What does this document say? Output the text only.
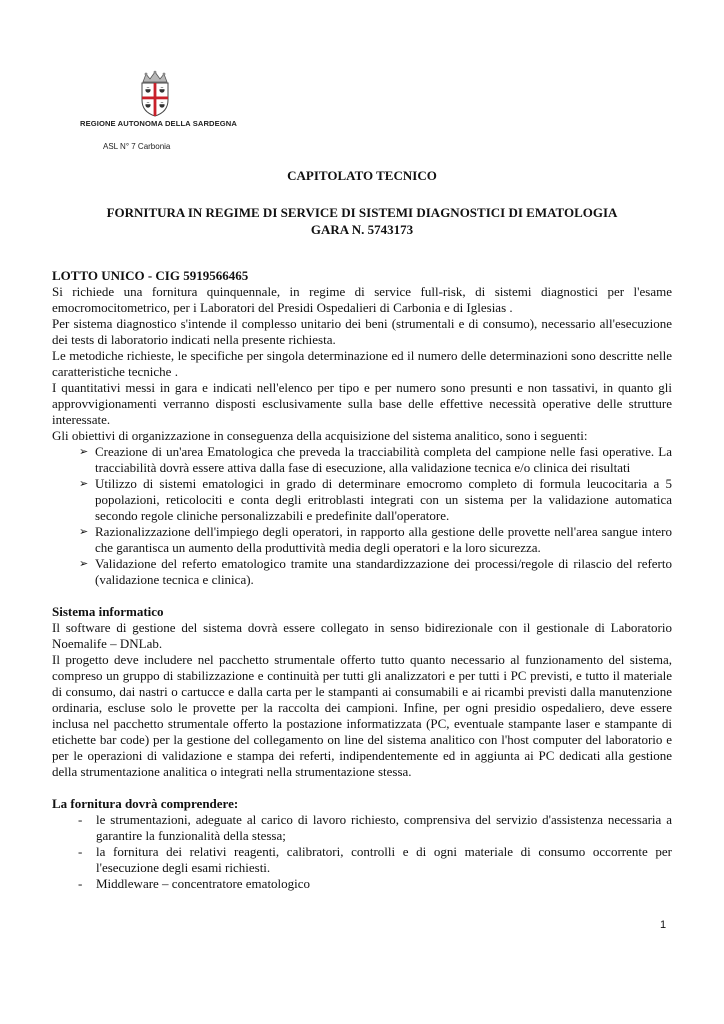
REGIONE AUTONOMA DELLA SARDEGNA
ASL N° 7 Carbonia
CAPITOLATO TECNICO
FORNITURA IN REGIME DI SERVICE DI SISTEMI DIAGNOSTICI DI EMATOLOGIA
GARA N. 5743173

LOTTO UNICO - CIG 5919566465

Si richiede una fornitura quinquennale, in regime di service full-risk, di sistemi diagnostici per l'esame emocromocitometrico, per i Laboratori del Presidi Ospedalieri di Carbonia e di Iglesias .

Per sistema diagnostico s'intende il complesso unitario dei beni (strumentali e di consumo), necessario all'esecuzione dei tests di laboratorio indicati nella presente richiesta.

Le metodiche richieste, le specifiche per singola determinazione ed il numero delle determinazioni sono descritte nelle caratteristiche tecniche .

I quantitativi messi in gara e indicati nell'elenco per tipo e per numero sono presunti e non tassativi, in quanto gli approvvigionamenti verranno disposti esclusivamente sulla base delle effettive necessità operative delle strutture interessate.

Gli obiettivi di organizzazione in conseguenza della acquisizione del sistema analitico, sono i seguenti:

➢ Creazione di un'area Ematologica che preveda la tracciabilità completa del campione nelle fasi operative. La tracciabilità dovrà essere attiva dalla fase di esecuzione, alla validazione tecnica e/o clinica dei risultati
➢ Utilizzo di sistemi ematologici in grado di determinare emocromo completo di formula leucocitaria a 5 popolazioni, reticolociti e conta degli eritroblasti integrati con un sistema per la validazione automatica secondo regole cliniche personalizzabili e predefinite dall'operatore.
➢ Razionalizzazione dell'impiego degli operatori, in rapporto alla gestione delle provette nell'area sangue intero che garantisca un aumento della produttività media degli operatori e la loro sicurezza.
➢ Validazione del referto ematologico tramite una standardizzazione dei processi/regole di rilascio del referto (validazione tecnica e clinica).

Sistema informatico

Il software di gestione del sistema dovrà essere collegato in senso bidirezionale con il gestionale di Laboratorio Noemalife – DNLab.

Il progetto deve includere nel pacchetto strumentale offerto tutto quanto necessario al funzionamento del sistema, compreso un gruppo di stabilizzazione e continuità per tutti gli analizzatori e per tutti i PC previsti, e tutto il materiale di consumo, dai nastri o cartucce e dalla carta per le stampanti ai consumabili e ai ricambi previsti dalla manutenzione ordinaria, escluse solo le provette per la raccolta dei campioni. Infine, per ogni presidio ospedaliero, deve essere inclusa nel pacchetto strumentale offerto la postazione informatizzata (PC, eventuale stampante laser e stampante di etichette bar code) per la gestione del collegamento on line del sistema analitico con l'host computer del laboratorio e per le operazioni di validazione e stampa dei referti, indipendentemente ed in aggiunta ai PC dedicati alla gestione della strumentazione analitica o integrati nella strumentazione stessa.

La fornitura dovrà comprendere:

- le strumentazioni, adeguate al carico di lavoro richiesto, comprensiva del servizio d'assistenza necessaria a garantire la funzionalità della stessa;
- la fornitura dei relativi reagenti, calibratori, controlli e di ogni materiale di consumo occorrente per l'esecuzione degli esami richiesti.
- Middleware – concentratore ematologico
1
